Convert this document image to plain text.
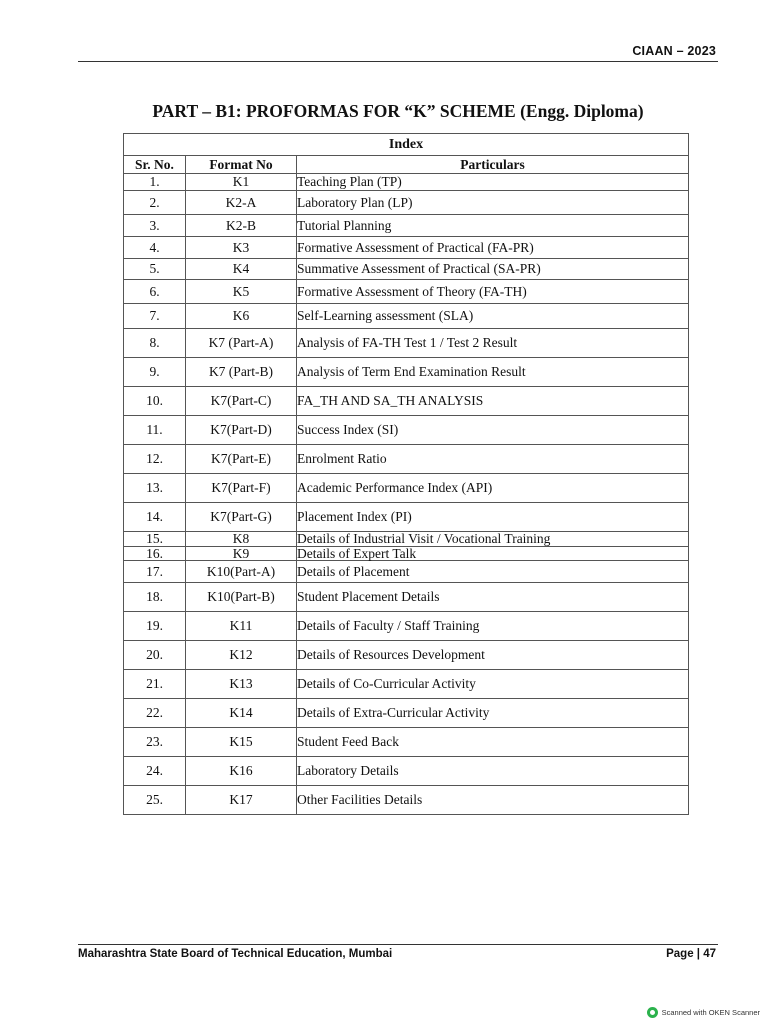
CIAAN – 2023
PART – B1: PROFORMAS FOR “K” SCHEME (Engg. Diploma)
Index		
Sr. No.	Format No	Particulars
1.	K1	Teaching Plan (TP)
2.	K2-A	Laboratory Plan (LP)
3.	K2-B	Tutorial Planning
4.	K3	Formative Assessment of Practical (FA-PR)
5.	K4	Summative Assessment of Practical (SA-PR)
6.	K5	Formative Assessment of Theory (FA-TH)
7.	K6	Self-Learning assessment (SLA)
8.	K7 (Part-A)	Analysis of FA-TH Test 1 / Test 2 Result
9.	K7 (Part-B)	Analysis of Term End Examination Result
10.	K7(Part-C)	FA_TH AND SA_TH ANALYSIS
11.	K7(Part-D)	Success Index (SI)
12.	K7(Part-E)	Enrolment Ratio
13.	K7(Part-F)	Academic Performance Index (API)
14.	K7(Part-G)	Placement Index (PI)
15.	K8	Details of Industrial Visit / Vocational Training
16.	K9	Details of Expert Talk
17.	K10(Part-A)	Details of Placement
18.	K10(Part-B)	Student Placement Details
19.	K11	Details of Faculty / Staff Training
20.	K12	Details of Resources Development
21.	K13	Details of Co-Curricular Activity
22.	K14	Details of Extra-Curricular Activity
23.	K15	Student Feed Back
24.	K16	Laboratory Details
25.	K17	Other Facilities Details
Maharashtra State Board of Technical Education, Mumbai	Page | 47
Scanned with OKEN Scanner
